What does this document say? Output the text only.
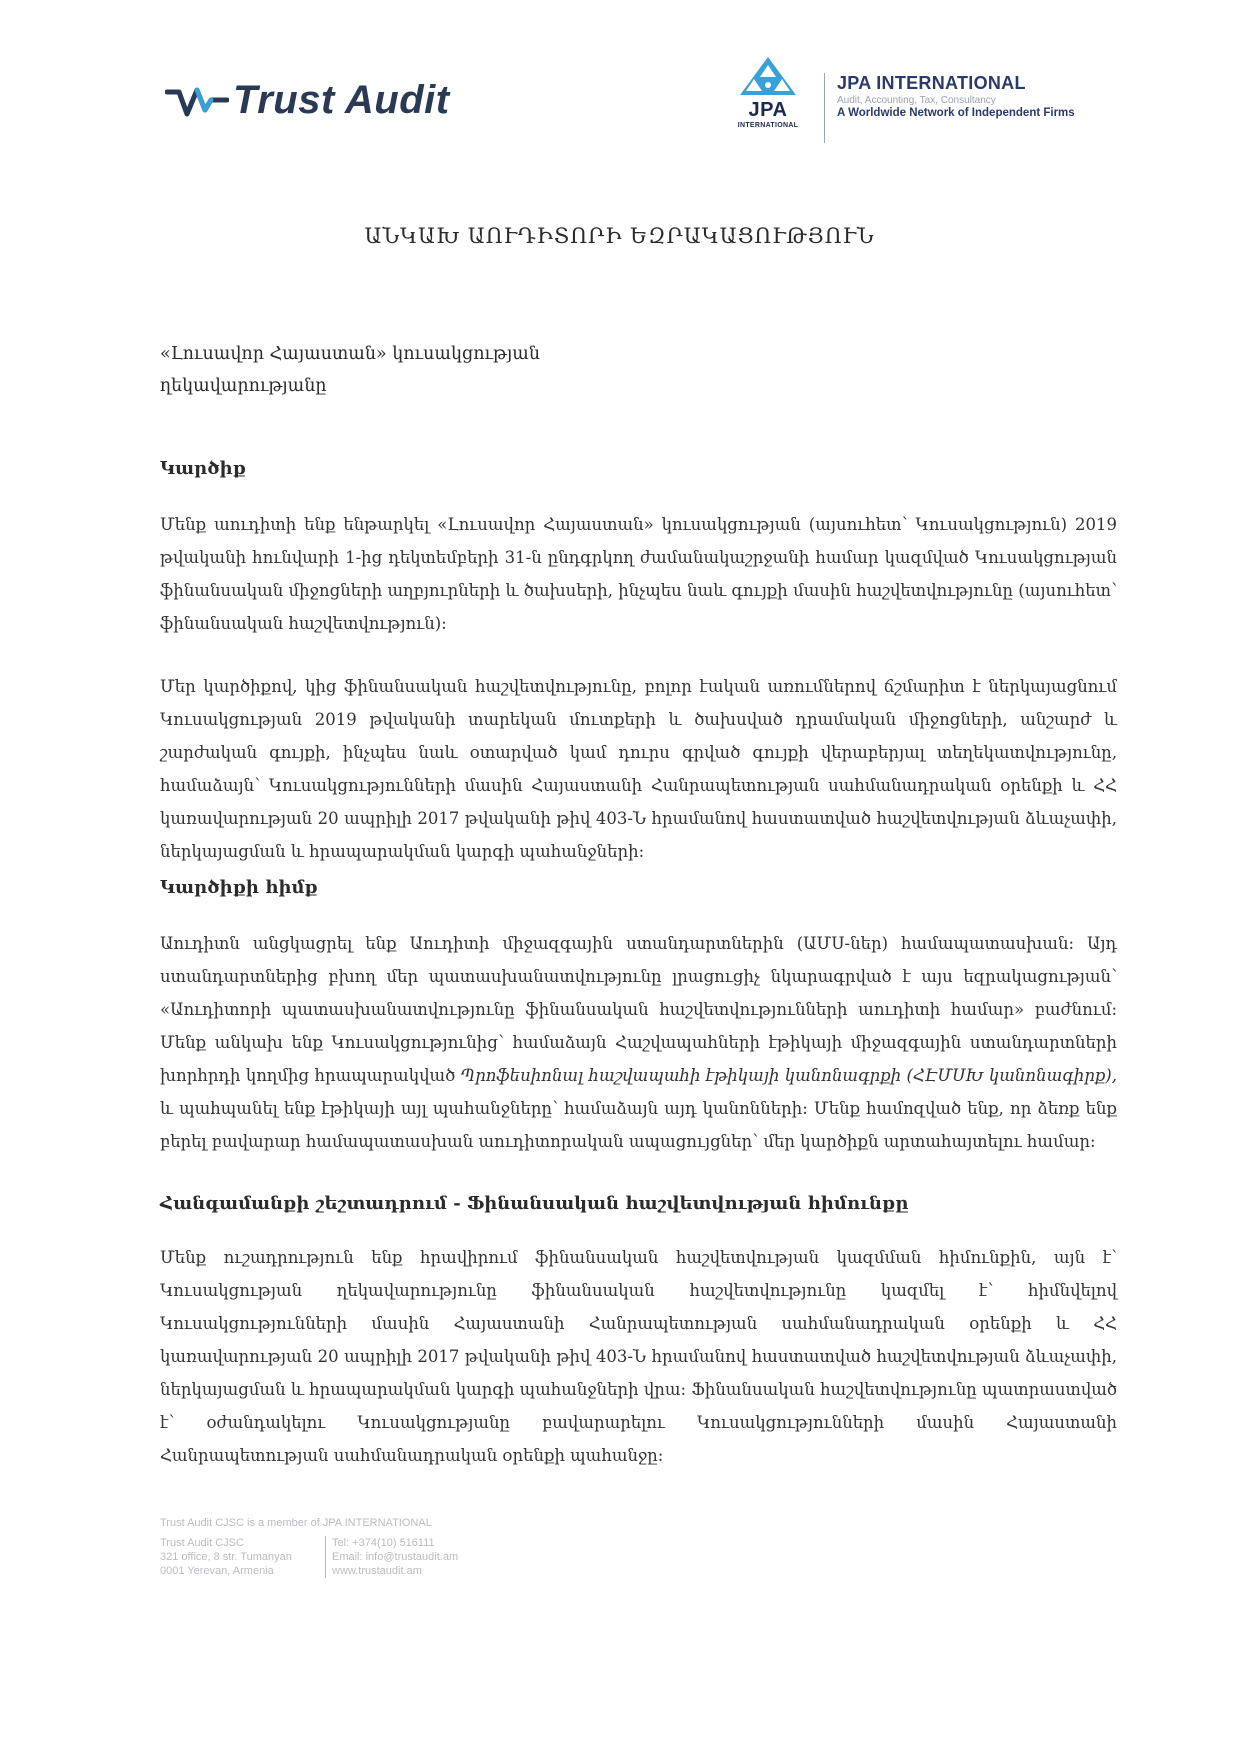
Trust Audit	JPA
INTERNATIONAL
JPA INTERNATIONAL
Audit, Accounting, Tax, Consultancy
A Worldwide Network of Independent Firms
ԱՆԿԱԽ ԱՈՒԴԻՏՈՐԻ ԵԶՐԱԿԱՑՈՒԹՅՈՒՆ
«Լուսավոր Հայաստան» կուսակցության
ղեկավարությանը
Կարծիք
Մենք աուդիտի ենք ենթարկել «Լուսավոր Հայաստան» կուսակցության (այսուհետ՝ Կուսակցություն) 2019 թվականի հունվարի 1-ից դեկտեմբերի 31-ն ընդգրկող ժամանակաշրջանի համար կազմված Կուսակցության ֆինանսական միջոցների աղբյուրների և ծախսերի, ինչպես նաև գույքի մասին հաշվետվությունը (այսուհետ՝ ֆինանսական հաշվետվություն):
Մեր կարծիքով, կից ֆինանսական հաշվետվությունը, բոլոր էական առումներով ճշմարիտ է ներկայացնում Կուսակցության 2019 թվականի տարեկան մուտքերի և ծախսված դրամական միջոցների, անշարժ և շարժական գույքի, ինչպես նաև օտարված կամ դուրս գրված գույքի վերաբերյալ տեղեկատվությունը, համաձայն՝ Կուսակցությունների մասին Հայաստանի Հանրապետության սահմանադրական օրենքի և ՀՀ կառավարության 20 ապրիլի 2017 թվականի թիվ 403-Ն հրամանով հաստատված հաշվետվության ձևաչափի, ներկայացման և հրապարակման կարգի պահանջների:
Կարծիքի հիմք
Աուդիտն անցկացրել ենք Աուդիտի միջազգային ստանդարտներին (ԱՄՍ-ներ) համապատասխան: Այդ ստանդարտներից բխող մեր պատասխանատվությունը լրացուցիչ նկարագրված է այս եզրակացության՝ «Աուդիտորի պատասխանատվությունը ֆինանսական հաշվետվությունների աուդիտի համար» բաժնում: Մենք անկախ ենք Կուսակցությունից՝ համաձայն Հաշվապահների էթիկայի միջազգային ստանդարտների խորհրդի կողմից հրապարակված Պրոֆեսիոնալ հաշվապահի էթիկայի կանոնագրքի (ՀԷՄՍԽ կանոնագիրք), և պահպանել ենք էթիկայի այլ պահանջները՝ համաձայն այդ կանոնների: Մենք համոզված ենք, որ ձեռք ենք բերել բավարար համապատասխան աուդիտորական ապացույցներ՝ մեր կարծիքն արտահայտելու համար:
Հանգամանքի շեշտադրում - Ֆինանսական հաշվետվության հիմունքը
Մենք ուշադրություն ենք հրավիրում ֆինանսական հաշվետվության կազմման հիմունքին, այն է՝ Կուսակցության ղեկավարությունը ֆինանսական հաշվետվությունը կազմել է՝ հիմնվելով Կուսակցությունների մասին Հայաստանի Հանրապետության սահմանադրական օրենքի և ՀՀ կառավարության 20 ապրիլի 2017 թվականի թիվ 403-Ն հրամանով հաստատված հաշվետվության ձևաչափի, ներկայացման և հրապարակման կարգի պահանջների վրա: Ֆինանսական հաշվետվությունը պատրաստված է՝ օժանդակելու Կուսակցությանը բավարարելու Կուսակցությունների մասին Հայաստանի Հանրապետության սահմանադրական օրենքի պահանջը:
Trust Audit CJSC is a member of JPA INTERNATIONAL
Trust Audit CJSC
321 office, 8 str. Tumanyan
0001 Yerevan, Armenia
Tel: +374(10) 516111
Email: info@trustaudit.am
www.trustaudit.am
